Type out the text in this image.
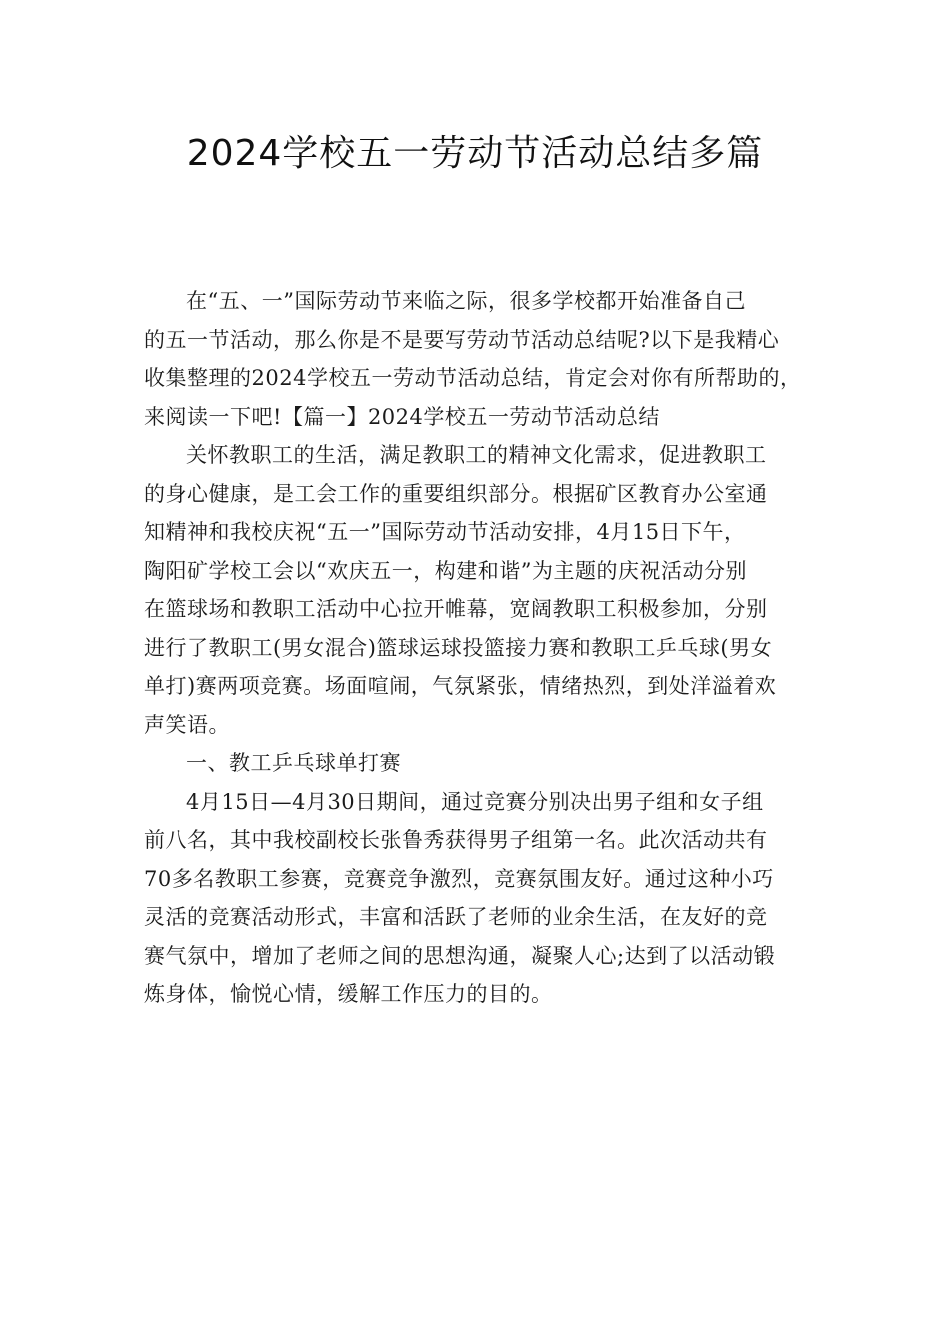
2024学校五一劳动节活动总结多篇

在“五、一”国际劳动节来临之际，很多学校都开始准备自己
的五一节活动，那么你是不是要写劳动节活动总结呢?以下是我精心
收集整理的2024学校五一劳动节活动总结，肯定会对你有所帮助的，
来阅读一下吧!【篇一】2024学校五一劳动节活动总结

关怀教职工的生活，满足教职工的精神文化需求，促进教职工
的身心健康，是工会工作的重要组织部分。根据矿区教育办公室通
知精神和我校庆祝“五一”国际劳动节活动安排，4月15日下午，
陶阳矿学校工会以“欢庆五一，构建和谐”为主题的庆祝活动分别
在篮球场和教职工活动中心拉开帷幕，宽阔教职工积极参加，分别
进行了教职工(男女混合)篮球运球投篮接力赛和教职工乒乓球(男女
单打)赛两项竞赛。场面喧闹，气氛紧张，情绪热烈，到处洋溢着欢
声笑语。

一、教工乒乓球单打赛

4月15日—4月30日期间，通过竞赛分别决出男子组和女子组
前八名，其中我校副校长张鲁秀获得男子组第一名。此次活动共有
70多名教职工参赛，竞赛竞争激烈，竞赛氛围友好。通过这种小巧
灵活的竞赛活动形式，丰富和活跃了老师的业余生活，在友好的竞
赛气氛中，增加了老师之间的思想沟通，凝聚人心;达到了以活动锻
炼身体，愉悦心情，缓解工作压力的目的。
